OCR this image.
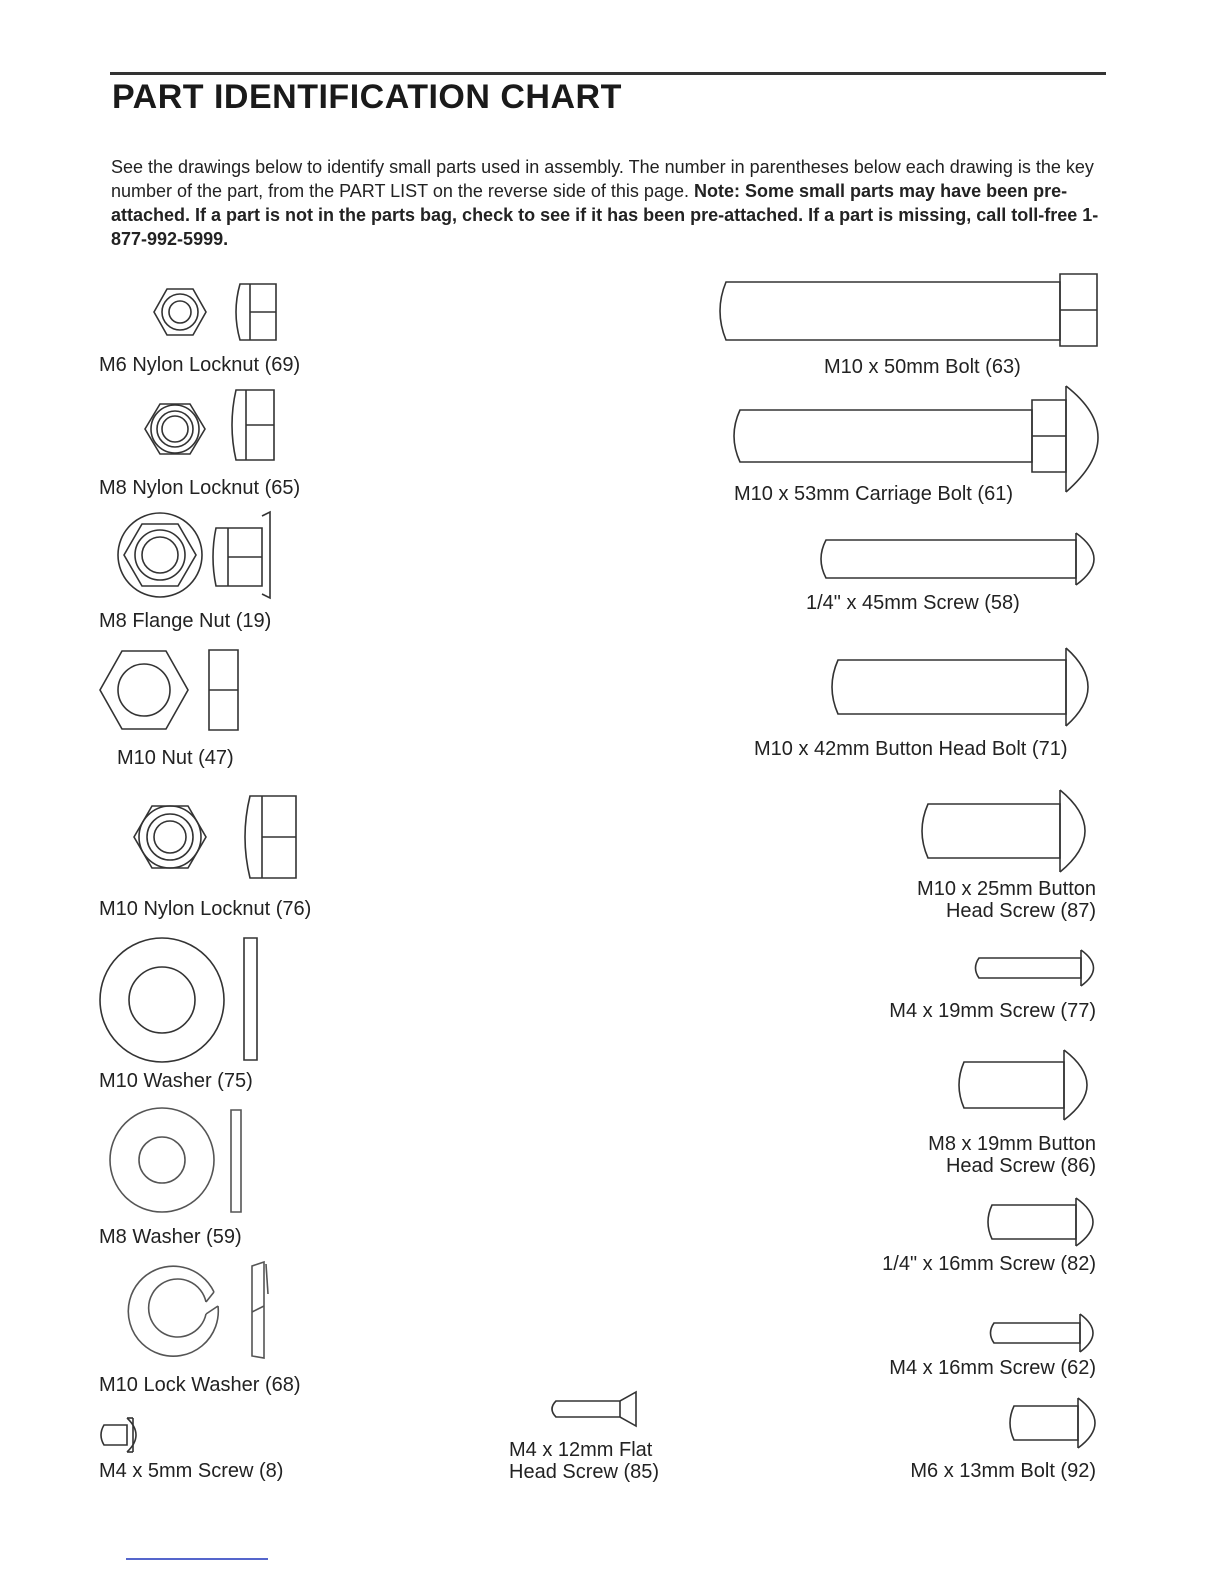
PART IDENTIFICATION CHART
See the drawings below to identify small parts used in assembly. The number in parentheses below each drawing is the key number of the part, from the PART LIST on the reverse side of this page. Note: Some small parts may have been pre-attached. If a part is not in the parts bag, check to see if it has been pre-attached. If a part is missing, call toll-free 1-877-992-5999.
M6 Nylon Locknut (69)
M8 Nylon Locknut (65)
M8 Flange Nut (19)
M10 Nut (47)
M10 Nylon Locknut (76)
M10 Washer (75)
M8 Washer (59)
M10 Lock Washer (68)
M4 x 5mm Screw (8)
M4 x 12mm Flat
Head Screw (85)
M10 x 50mm Bolt (63)
M10 x 53mm Carriage Bolt (61)
1/4" x 45mm Screw (58)
M10 x 42mm Button Head Bolt (71)
M10 x 25mm Button
Head Screw (87)
M4 x 19mm Screw (77)
M8 x 19mm Button
Head Screw (86)
1/4" x 16mm Screw (82)
M4 x 16mm Screw (62)
M6 x 13mm Bolt (92)
